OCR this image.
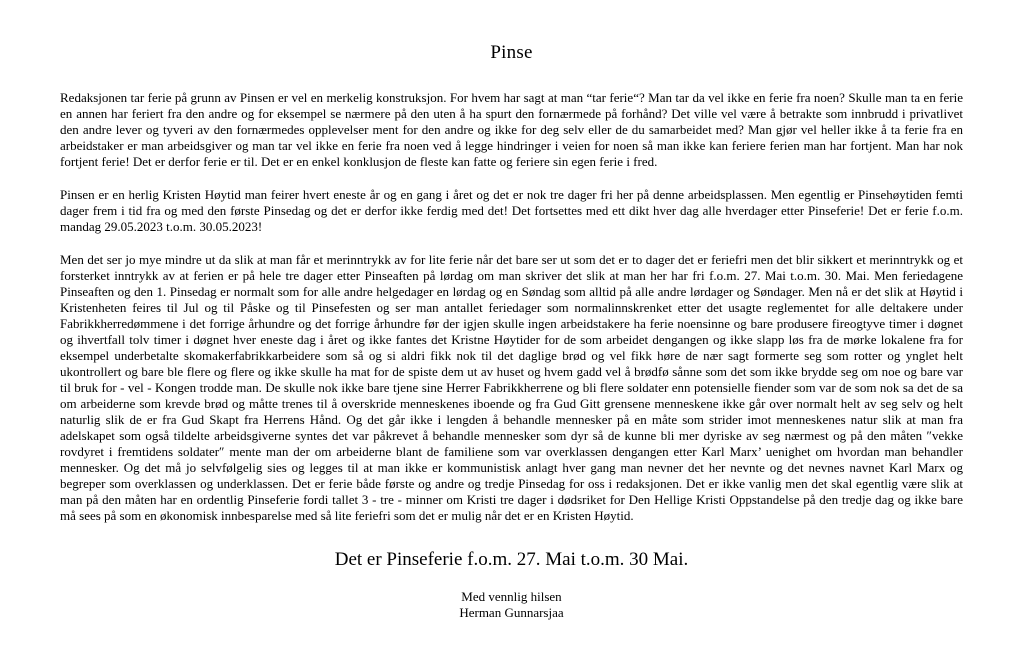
Pinse

Redaksjonen tar ferie på grunn av Pinsen er vel en merkelig konstruksjon. For hvem har sagt at man “tar ferie“? Man tar da vel ikke en ferie fra noen? Skulle man ta en ferie en annen har feriert fra den andre og for eksempel se nærmere på den uten å ha spurt den fornærmede på forhånd? Det ville vel være å betrakte som innbrudd i privatlivet den andre lever og tyveri av den fornærmedes opplevelser ment for den andre og ikke for deg selv eller de du samarbeidet med? Man gjør vel heller ikke å ta ferie fra en arbeidstaker er man arbeidsgiver og man tar vel ikke en ferie fra noen ved å legge hindringer i veien for noen så man ikke kan feriere ferien man har fortjent. Man har nok fortjent ferie! Det er derfor ferie er til. Det er en enkel konklusjon de fleste kan fatte og feriere sin egen ferie i fred.

Pinsen er en herlig Kristen Høytid man feirer hvert eneste år og en gang i året og det er nok tre dager fri her på denne arbeidsplassen. Men egentlig er Pinsehøytiden femti dager frem i tid fra og med den første Pinsedag og det er derfor ikke ferdig med det! Det fortsettes med ett dikt hver dag alle hverdager etter Pinseferie! Det er ferie f.o.m. mandag 29.05.2023 t.o.m. 30.05.2023!

Men det ser jo mye mindre ut da slik at man får et merinntrykk av for lite ferie når det bare ser ut som det er to dager det er feriefri men det blir sikkert et merinntrykk og et forsterket inntrykk av at ferien er på hele tre dager etter Pinseaften på lørdag om man skriver det slik at man her har fri f.o.m. 27. Mai t.o.m. 30. Mai. Men feriedagene Pinseaften og den 1. Pinsedag er normalt som for alle andre helgedager en lørdag og en Søndag som alltid på alle andre lørdager og Søndager. Men nå er det slik at Høytid i Kristenheten feires til Jul og til Påske og til Pinsefesten og ser man antallet feriedager som normalinnskrenket etter det usagte reglementet for alle deltakere under Fabrikkherredømmene i det forrige århundre og det forrige århundre før der igjen skulle ingen arbeidstakere ha ferie noensinne og bare produsere fireogtyve timer i døgnet og ihvertfall tolv timer i døgnet hver eneste dag i året og ikke fantes det Kristne Høytider for de som arbeidet dengangen og ikke slapp løs fra de mørke lokalene fra for eksempel underbetalte skomakerfabrikkarbeidere som så og si aldri fikk nok til det daglige brød og vel fikk høre de nær sagt formerte seg som rotter og ynglet helt ukontrollert og bare ble flere og flere og ikke skulle ha mat for de spiste dem ut av huset og hvem gadd vel å brødfø sånne som det som ikke brydde seg om noe og bare var til bruk for - vel - Kongen trodde man. De skulle nok ikke bare tjene sine Herrer Fabrikkherrene og bli flere soldater enn potensielle fiender som var de som nok sa det de sa om arbeiderne som krevde brød og måtte trenes til å overskride menneskenes iboende og fra Gud Gitt grensene menneskene ikke går over normalt helt av seg selv og helt naturlig slik de er fra Gud Skapt fra Herrens Hånd. Og det går ikke i lengden å behandle mennesker på en måte som strider imot menneskenes natur slik at man fra adelskapet som også tildelte arbeidsgiverne syntes det var påkrevet å behandle mennesker som dyr så de kunne bli mer dyriske av seg nærmest og på den måten ″vekke rovdyret i fremtidens soldater″ mente man der om arbeiderne blant de familiene som var overklassen dengangen etter Karl Marx’ uenighet om hvordan man behandler mennesker. Og det må jo selvfølgelig sies og legges til at man ikke er kommunistisk anlagt hver gang man nevner det her nevnte og det nevnes navnet Karl Marx og begreper som overklassen og underklassen. Det er ferie både første og andre og tredje Pinsedag for oss i redaksjonen. Det er ikke vanlig men det skal egentlig være slik at man på den måten har en ordentlig Pinseferie fordi tallet 3 - tre - minner om Kristi tre dager i dødsriket for Den Hellige Kristi Oppstandelse på den tredje dag og ikke bare må sees på som en økonomisk innbesparelse med så lite feriefri som det er mulig når det er en Kristen Høytid.

Det er Pinseferie f.o.m. 27. Mai t.o.m. 30 Mai.

Med vennlig hilsen
Herman Gunnarsjaa
